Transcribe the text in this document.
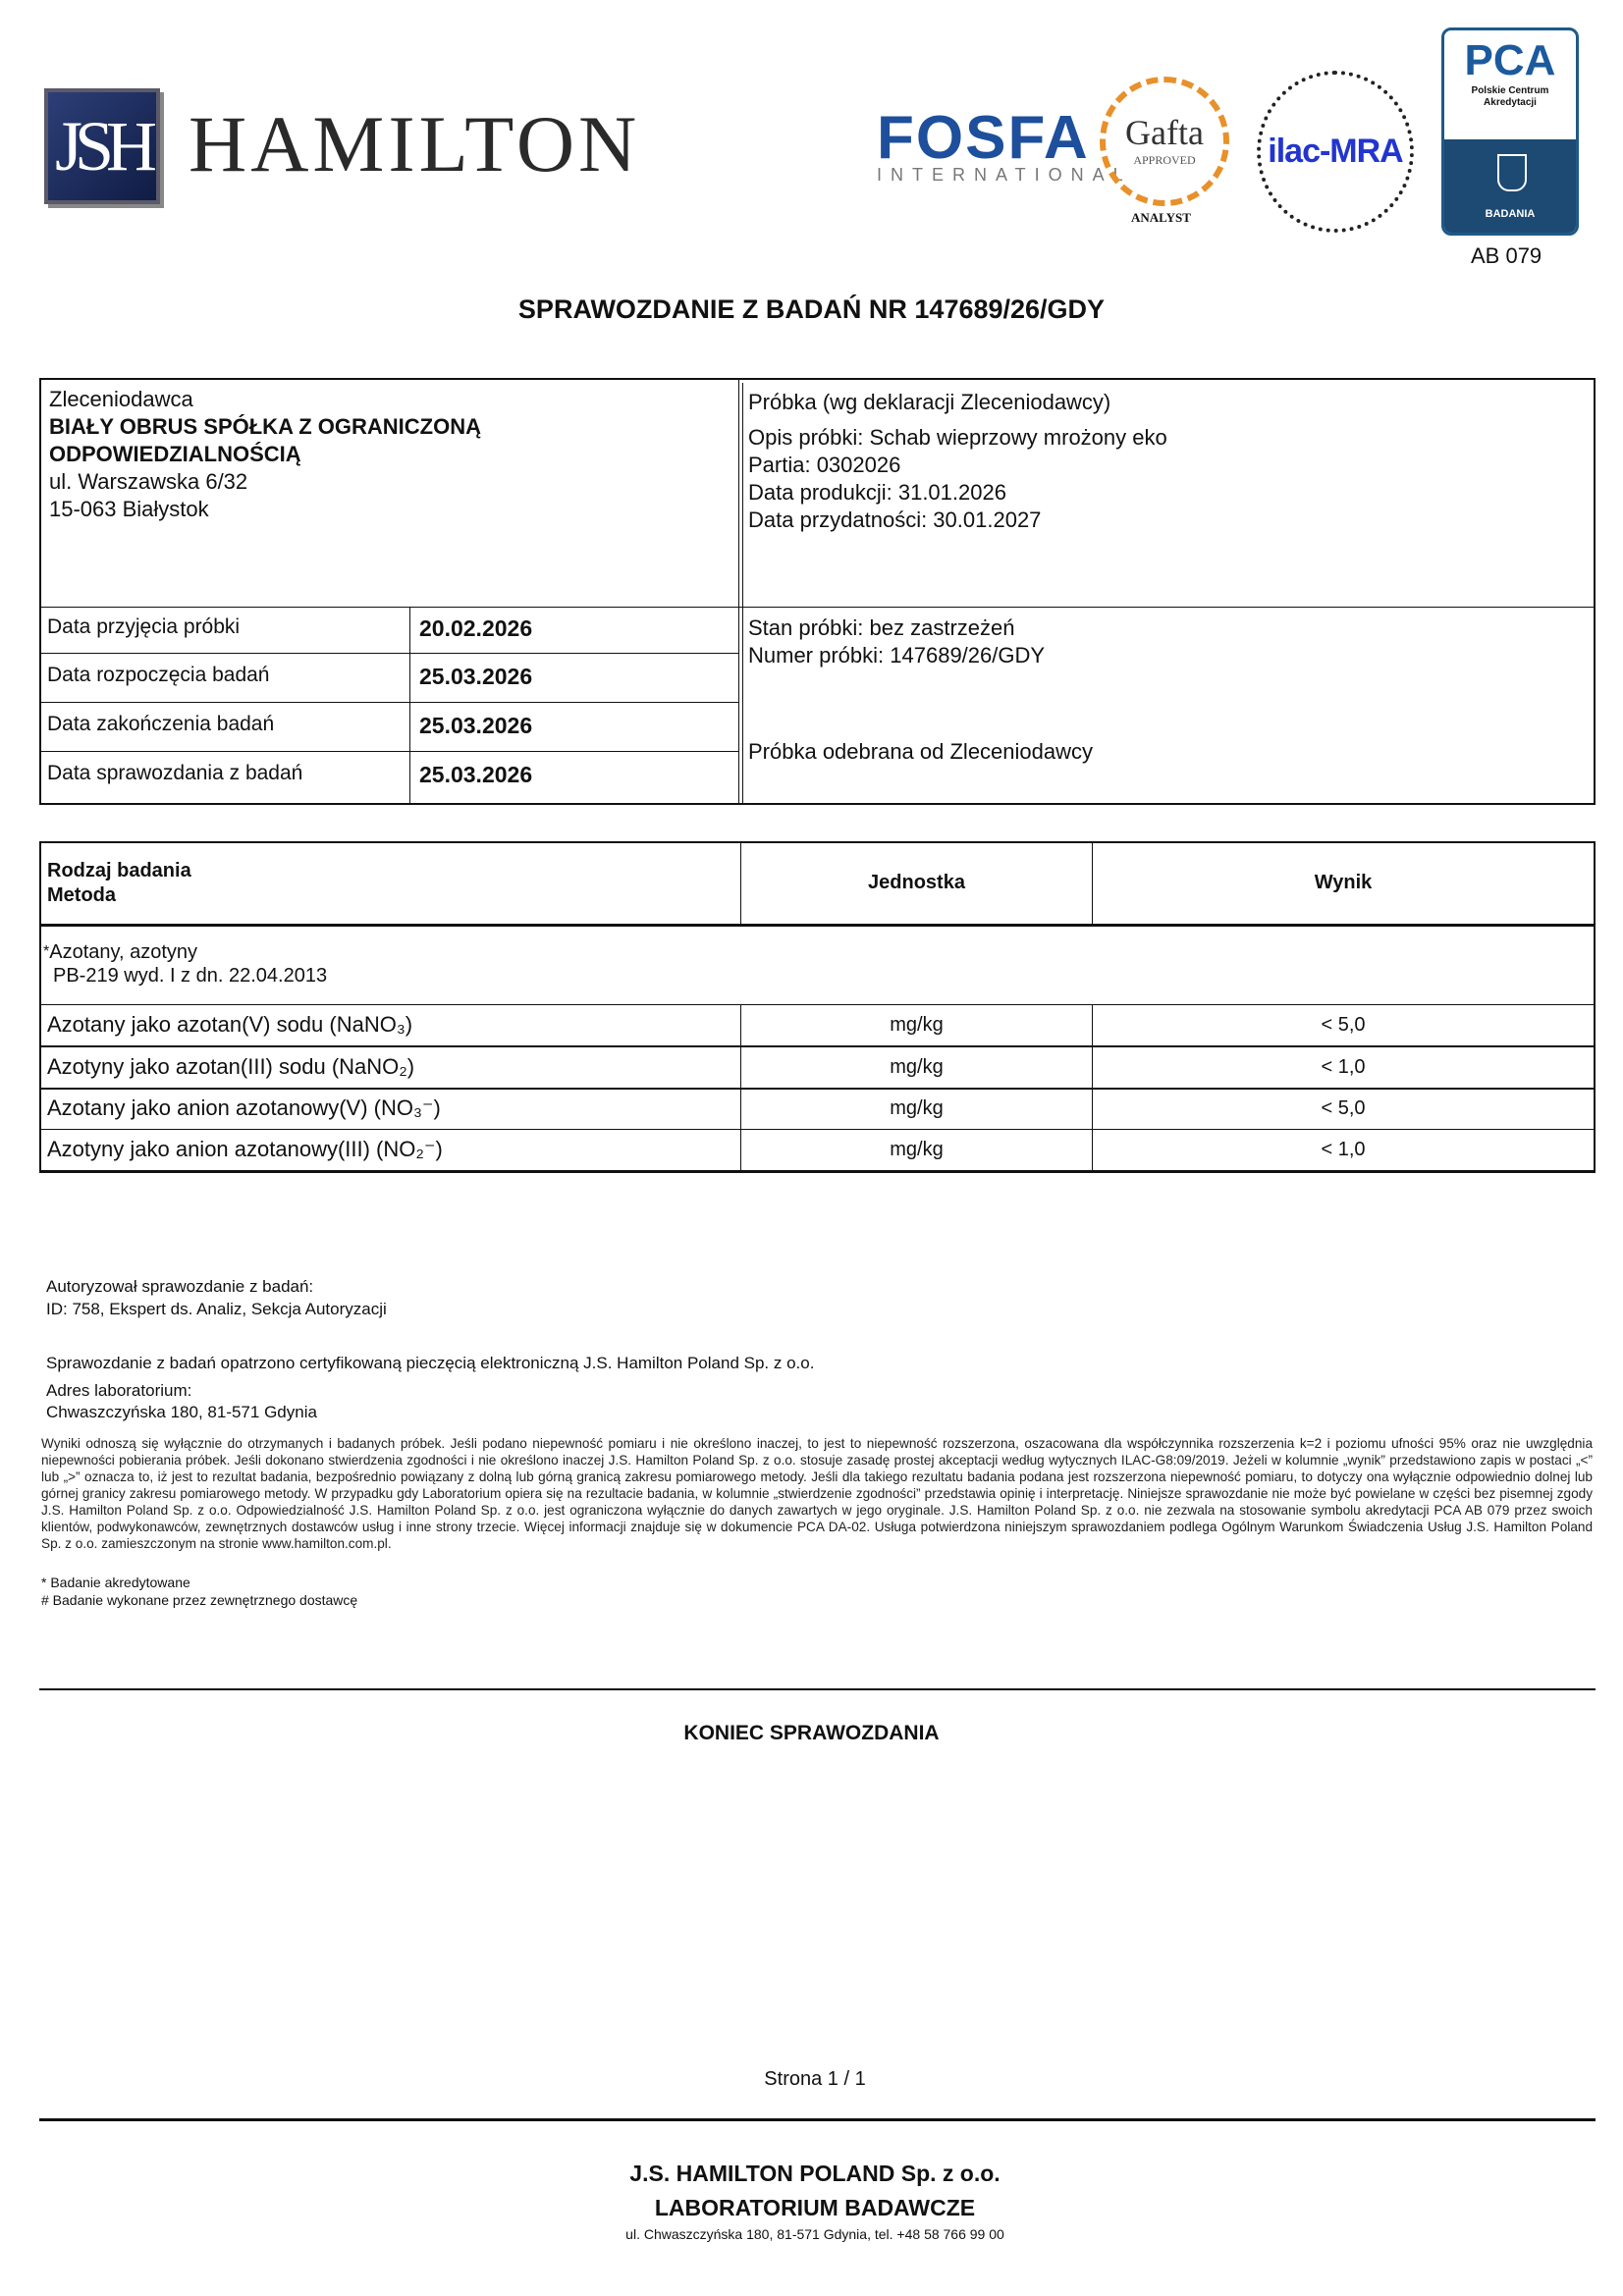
JSH HAMILTON	FOSFA
INTERNATIONAL
Gafta
APPROVED
ANALYST
ilac-MRA
PCA
Polskie Centrum Akredytacji
BADANIA
AB 079
SPRAWOZDANIE Z BADAŃ NR 147689/26/GDY
Zleceniodawca
BIAŁY OBRUS SPÓŁKA Z OGRANICZONĄ ODPOWIEDZIALNOŚCIĄ
ul. Warszawska 6/32
15-063 Białystok
Próbka (wg deklaracji Zleceniodawcy)
Opis próbki: Schab wieprzowy mrożony eko
Partia: 0302026
Data produkcji: 31.01.2026
Data przydatności: 30.01.2027
Stan próbki: bez zastrzeżeń
Numer próbki: 147689/26/GDY
Próbka odebrana od Zleceniodawcy
Data przyjęcia próbki	20.02.2026
Data rozpoczęcia badań	25.03.2026
Data zakończenia badań	25.03.2026
Data sprawozdania z badań	25.03.2026
Rodzaj badania
Metoda
Jednostka	Wynik
*Azotany, azotyny
PB-219 wyd. I z dn. 22.04.2013
Azotany jako azotan(V) sodu (NaNO₃)	mg/kg	< 5,0
Azotyny jako azotan(III) sodu (NaNO₂)	mg/kg	< 1,0
Azotany jako anion azotanowy(V) (NO₃⁻)	mg/kg	< 5,0
Azotyny jako anion azotanowy(III) (NO₂⁻)	mg/kg	< 1,0
Autoryzował sprawozdanie z badań:
ID: 758, Ekspert ds. Analiz, Sekcja Autoryzacji
Sprawozdanie z badań opatrzono certyfikowaną pieczęcią elektroniczną J.S. Hamilton Poland Sp. z o.o.
Adres laboratorium:
Chwaszczyńska 180, 81-571 Gdynia
Wyniki odnoszą się wyłącznie do otrzymanych i badanych próbek. Jeśli podano niepewność pomiaru i nie określono inaczej, to jest to niepewność rozszerzona, oszacowana dla współczynnika rozszerzenia k=2 i poziomu ufności 95% oraz nie uwzględnia niepewności pobierania próbek. Jeśli dokonano stwierdzenia zgodności i nie określono inaczej J.S. Hamilton Poland Sp. z o.o. stosuje zasadę prostej akceptacji według wytycznych ILAC-G8:09/2019. Jeżeli w kolumnie „wynik” przedstawiono zapis w postaci „<” lub „>” oznacza to, iż jest to rezultat badania, bezpośrednio powiązany z dolną lub górną granicą zakresu pomiarowego metody. Jeśli dla takiego rezultatu badania podana jest rozszerzona niepewność pomiaru, to dotyczy ona wyłącznie odpowiednio dolnej lub górnej granicy zakresu pomiarowego metody. W przypadku gdy Laboratorium opiera się na rezultacie badania, w kolumnie „stwierdzenie zgodności” przedstawia opinię i interpretację. Niniejsze sprawozdanie nie może być powielane w części bez pisemnej zgody J.S. Hamilton Poland Sp. z o.o. Odpowiedzialność J.S. Hamilton Poland Sp. z o.o. jest ograniczona wyłącznie do danych zawartych w jego oryginale. J.S. Hamilton Poland Sp. z o.o. nie zezwala na stosowanie symbolu akredytacji PCA AB 079 przez swoich klientów, podwykonawców, zewnętrznych dostawców usług i inne strony trzecie. Więcej informacji znajduje się w dokumencie PCA DA-02. Usługa potwierdzona niniejszym sprawozdaniem podlega Ogólnym Warunkom Świadczenia Usług J.S. Hamilton Poland Sp. z o.o. zamieszczonym na stronie www.hamilton.com.pl.
* Badanie akredytowane
# Badanie wykonane przez zewnętrznego dostawcę
KONIEC SPRAWOZDANIA
Strona 1 / 1
J.S. HAMILTON POLAND Sp. z o.o.
LABORATORIUM BADAWCZE
ul. Chwaszczyńska 180, 81-571 Gdynia, tel. +48 58 766 99 00
